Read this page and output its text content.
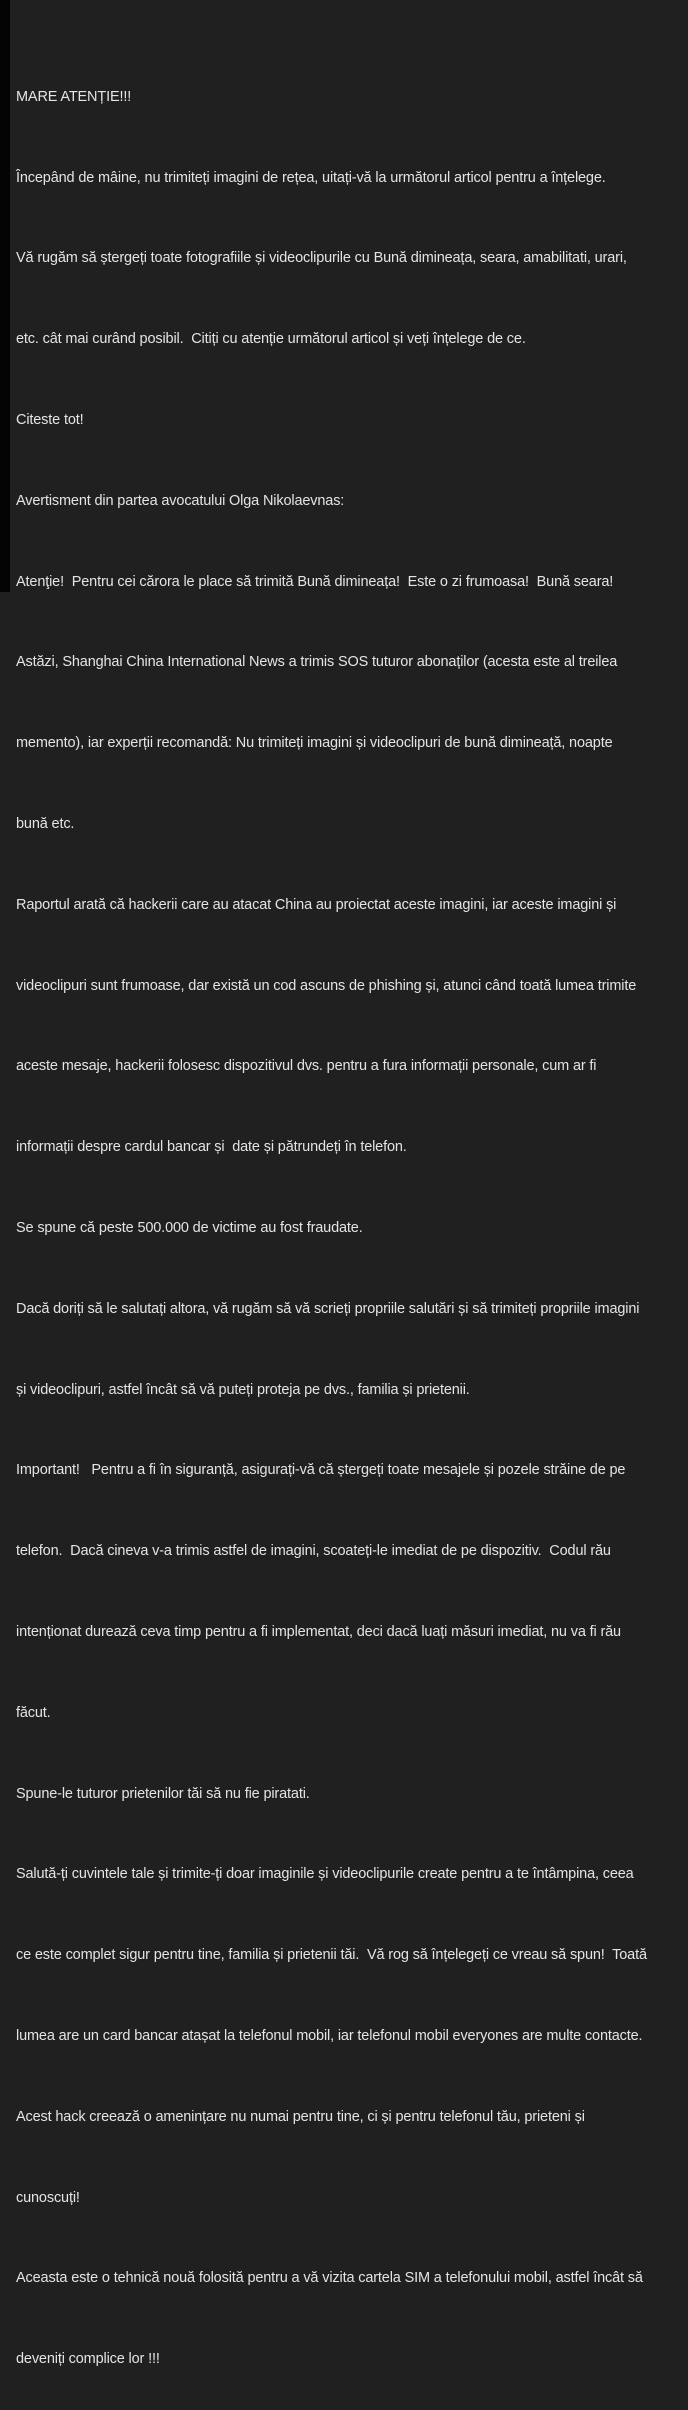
MARE ATENȚIE!!!

Începând de mâine, nu trimiteți imagini de rețea, uitați-vă la următorul articol pentru a înțelege.

Vă rugăm să ștergeți toate fotografiile și videoclipurile cu Bună dimineața, seara, amabilitati, urari,

etc. cât mai curând posibil.  Citiți cu atenție următorul articol și veți înțelege de ce.

Citeste tot!

Avertisment din partea avocatului Olga Nikolaevnas:

Atenţie!  Pentru cei cărora le place să trimită Bună dimineața!  Este o zi frumoasa!  Bună seara!

Astăzi, Shanghai China International News a trimis SOS tuturor abonaților (acesta este al treilea

memento), iar experții recomandă: Nu trimiteți imagini și videoclipuri de bună dimineață, noapte

bună etc.

Raportul arată că hackerii care au atacat China au proiectat aceste imagini, iar aceste imagini și

videoclipuri sunt frumoase, dar există un cod ascuns de phishing și, atunci când toată lumea trimite

aceste mesaje, hackerii folosesc dispozitivul dvs. pentru a fura informații personale, cum ar fi

informații despre cardul bancar și  date și pătrundeți în telefon.

Se spune că peste 500.000 de victime au fost fraudate.

Dacă doriți să le salutați altora, vă rugăm să vă scrieți propriile salutări și să trimiteți propriile imagini

și videoclipuri, astfel încât să vă puteți proteja pe dvs., familia și prietenii.

Important!   Pentru a fi în siguranță, asigurați-vă că ștergeți toate mesajele și pozele străine de pe

telefon.  Dacă cineva v-a trimis astfel de imagini, scoateți-le imediat de pe dispozitiv.  Codul rău

intenționat durează ceva timp pentru a fi implementat, deci dacă luați măsuri imediat, nu va fi rău

făcut.

Spune-le tuturor prietenilor tăi să nu fie piratati.

Salută-ți cuvintele tale și trimite-ți doar imaginile și videoclipurile create pentru a te întâmpina, ceea

ce este complet sigur pentru tine, familia și prietenii tăi.  Vă rog să înțelegeți ce vreau să spun!  Toată

lumea are un card bancar atașat la telefonul mobil, iar telefonul mobil everyones are multe contacte.

Acest hack creează o amenințare nu numai pentru tine, ci și pentru telefonul tău, prieteni și

cunoscuți!

Aceasta este o tehnică nouă folosită pentru a vă vizita cartela SIM a telefonului mobil, astfel încât să

deveniți complice lor !!!
